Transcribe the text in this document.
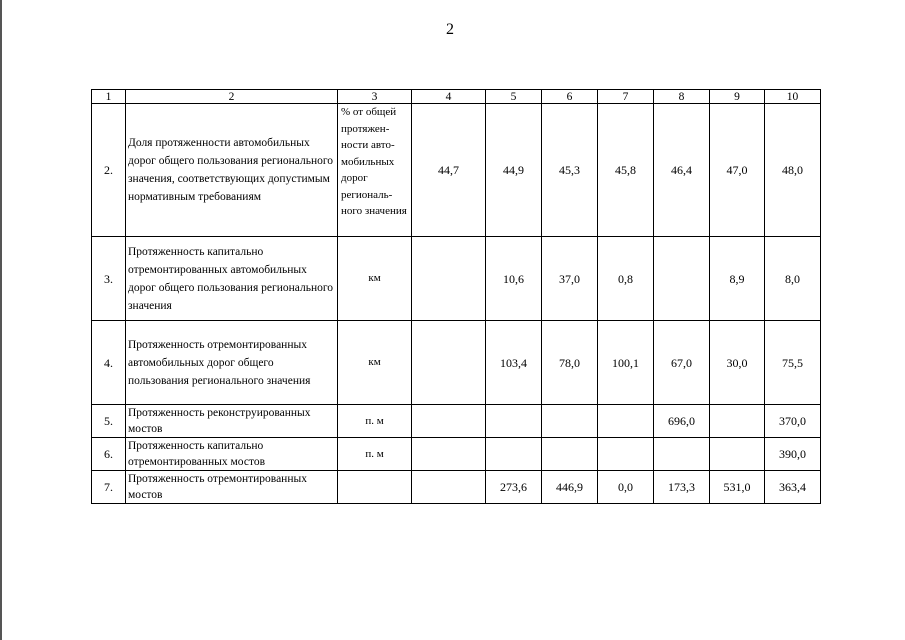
2
1	2	3	4	5	6	7	8	9	10
2.	Доля протяженности автомобильных дорог общего пользования регионального значения, соответствующих допустимым нормативным требованиям	% от общей протяжен-ности авто-мобильных дорог региональ-ного значения	44,7	44,9	45,3	45,8	46,4	47,0	48,0
3.	Протяженность капитально отремонтированных автомобильных дорог общего пользования регионального значения	км		10,6	37,0	0,8		8,9	8,0
4.	Протяженность отремонтированных автомобильных дорог общего пользования регионального значения	км		103,4	78,0	100,1	67,0	30,0	75,5
5.	Протяженность реконструированных мостов	п. м					696,0		370,0
6.	Протяженность капитально отремонтированных мостов	п. м							390,0
7.	Протяженность отремонтированных мостов			273,6	446,9	0,0	173,3	531,0	363,4
